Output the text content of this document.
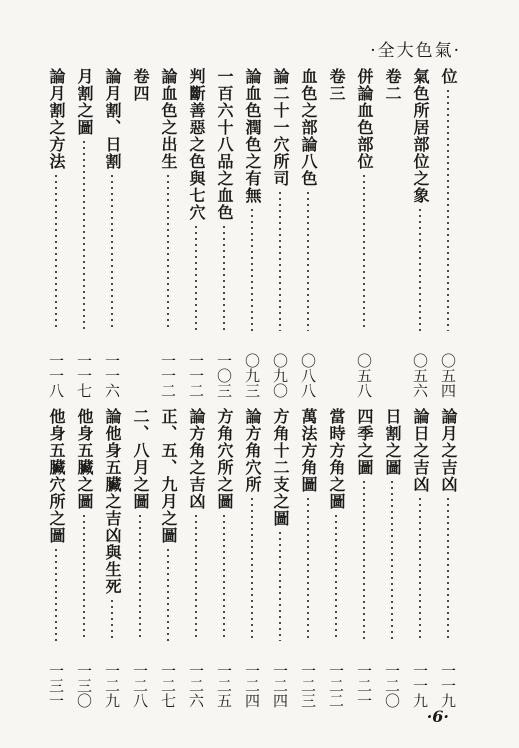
·全大色氣·
位
〇五四
氣色所居部位之象
〇五六
卷二
併論血色部位
〇五八
卷三
血色之部論八色
〇八八
論二十一穴所司
〇九〇
論血色潤色之有無
〇九三
一百六十八品之血色
一〇三
判斷善惡之色與七穴
一一二
論血色之出生
一一二
卷四
論月割、日割
一一六
月割之圖
一一七
論月割之方法
一一八
論月之吉凶
一一九
論日之吉凶
一一九
日割之圖
一二〇
四季之圖
一二一
當時方角之圖
一二二
萬法方角圖
一二三
方角十二支之圖
一二四
論方角穴所
一二四
方角穴所之圖
一二五
論方角之吉凶
一二六
正、五、九月之圖
一二七
二、八月之圖
一二八
論他身五臟之吉凶與生死
一二九
他身五臟之圖
一三〇
他身五臟穴所之圖
一三一
·6·
